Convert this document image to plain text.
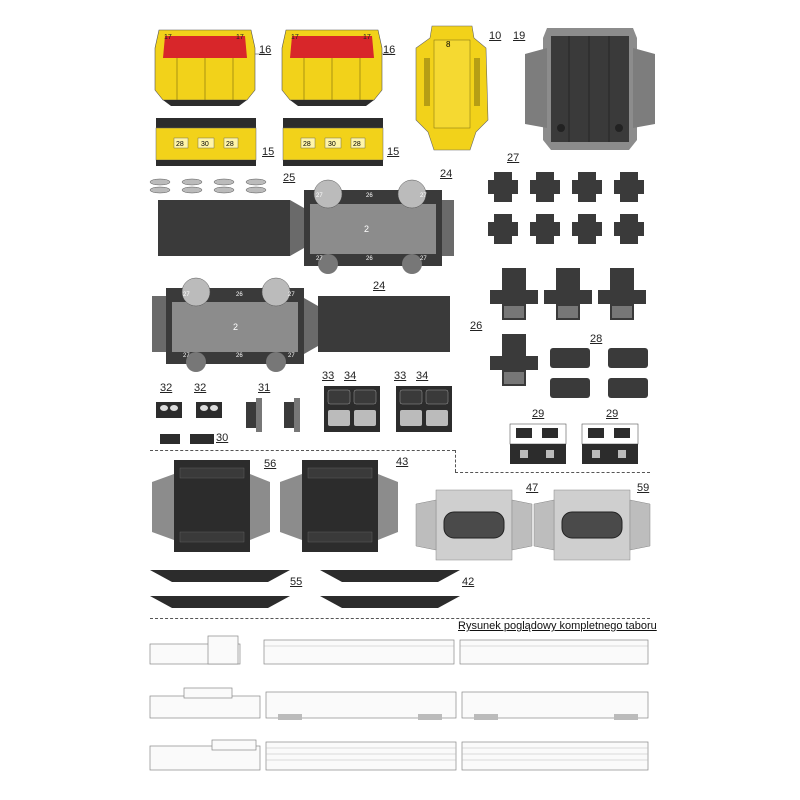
17	17	17	17
16	16	8
10 19
28 30 28	28 30 28
15	15
25
2
27	26	27
27	26	27
24
27
2
27	26	27
27	26	27
24
26
28
32 32	31
30
33 34	33 34
29	29
56	43
47	59
55	42
Rysunek poglądowy kompletnego taboru
